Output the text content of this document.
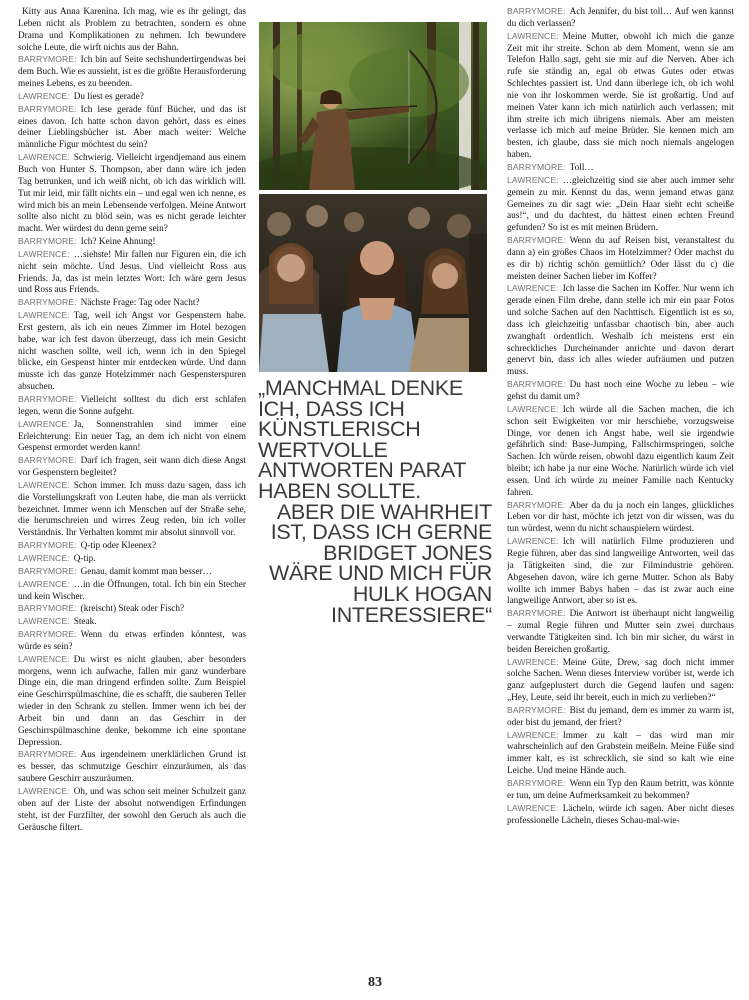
Kitty aus Anna Karenina. Ich mag, wie es ihr gelingt, das Leben nicht als Problem zu betrachten, sondern es ohne Drama und Komplikationen zu nehmen. Ich bewundere solche Leute, die wirft nichts aus der Bahn.

BARRYMORE: Ich bin auf Seite sechshundertirgendwas bei dem Buch. Wie es aussieht, ist es die größte Herausforderung meines Lebens, es zu beenden.

LAWRENCE: Du liest es gerade?

BARRYMORE: Ich lese gerade fünf Bücher, und das ist eines davon. Ich hatte schon davon gehört, dass es eines deiner Lieblingsbücher ist. Aber mach weiter: Welche männliche Figur möchtest du sein?

LAWRENCE: Schwierig. Vielleicht irgendjemand aus einem Buch von Hunter S. Thompson, aber dann wäre ich jeden Tag betrunken, und ich weiß nicht, ob ich das wirklich will. Tut mir leid, mir fällt nichts ein – und egal wen ich nenne, es wird mich bis an mein Lebensende verfolgen. Meine Antwort sollte also nicht zu blöd sein, was es nicht gerade leichter macht. Wer würdest du denn gerne sein?

BARRYMORE: Ich? Keine Ahnung!

LAWRENCE: …siehste! Mir fallen nur Figuren ein, die ich nicht sein möchte. Und Jesus. Und vielleicht Ross aus Friends. Ja, das ist mein letztes Wort: Ich wäre gern Jesus und Ross aus Friends.

BARRYMORE: Nächste Frage: Tag oder Nacht?

LAWRENCE: Tag, weil ich Angst vor Gespenstern habe. Erst gestern, als ich ein neues Zimmer im Hotel bezogen habe, war ich fest davon überzeugt, dass ich mein Gesicht nicht waschen sollte, weil ich, wenn ich in den Spiegel blicke, ein Gespenst hinter mir entdecken würde. Und dann musste ich das ganze Hotelzimmer nach Gespensterspuren absuchen.

BARRYMORE: Vielleicht solltest du dich erst schlafen legen, wenn die Sonne aufgeht.

LAWRENCE: Ja, Sonnenstrahlen sind immer eine Erleichterung: Ein neuer Tag, an dem ich nicht von einem Gespenst ermordet werden kann!

BARRYMORE: Darf ich fragen, seit wann dich diese Angst vor Gespenstern begleitet?

LAWRENCE: Schon immer. Ich muss dazu sagen, dass ich die Vorstellungskraft von Leuten habe, die man als verrückt bezeichnet. Immer wenn ich Menschen auf der Straße sehe, die herumschreien und wirres Zeug reden, bin ich voller Verständnis. Ihr Verhalten kommt mir absolut sinnvoll vor.

BARRYMORE: Q-tip oder Kleenex?

LAWRENCE: Q-tip.

BARRYMORE: Genau, damit kommt man besser…

LAWRENCE: …in die Öffnungen, total. Ich bin ein Stecher und kein Wischer.

BARRYMORE: (kreischt) Steak oder Fisch?

LAWRENCE: Steak.

BARRYMORE: Wenn du etwas erfinden könntest, was würde es sein?

LAWRENCE: Du wirst es nicht glauben, aber besonders morgens, wenn ich aufwache, fallen mir ganz wunderbare Dinge ein, die man dringend erfinden sollte. Zum Beispiel eine Geschirrspülmaschine, die es schafft, die sauberen Teller wieder in den Schrank zu stellen. Immer wenn ich bei der Arbeit bin und dann an das Geschirr in der Geschirrspülmaschine denke, bekomme ich eine spontane Depression.

BARRYMORE: Aus irgendeinem unerklärlichen Grund ist es besser, das schmutzige Geschirr einzuräumen, als das saubere Geschirr auszuräumen.

LAWRENCE: Oh, und was schon seit meiner Schulzeit ganz oben auf der Liste der absolut notwendigen Erfindungen steht, ist der Furzfilter, der sowohl den Geruch als auch die Geräusche filtert.

„MANCHMAL DENKE ICH, DASS ICH KÜNSTLERISCH WERTVOLLE ANTWORTEN PARAT HABEN SOLLTE.
ABER DIE WAHRHEIT IST, DASS ICH GERNE BRIDGET JONES WÄRE UND MICH FÜR HULK HOGAN INTERESSIERE“

BARRYMORE: Ach Jennifer, du bist toll… Auf wen kannst du dich verlassen?

LAWRENCE: Meine Mutter, obwohl ich mich die ganze Zeit mit ihr streite. Schon ab dem Moment, wenn sie am Telefon Hallo sagt, geht sie mir auf die Nerven. Aber ich rufe sie ständig an, egal ob etwas Gutes oder etwas Schlechtes passiert ist. Und dann überlege ich, ob ich wohl nie von ihr loskommen werde. Sie ist großartig. Und auf meinen Vater kann ich mich natürlich auch verlassen; mit ihm streite ich mich übrigens niemals. Aber am meisten verlasse ich mich auf meine Brüder. Sie kennen mich am besten, ich glaube, dass sie mich noch niemals angelogen haben.

BARRYMORE: Toll…

LAWRENCE: …gleichzeitig sind sie aber auch immer sehr gemein zu mir. Kennst du das, wenn jemand etwas ganz Gemeines zu dir sagt wie: „Dein Haar sieht echt scheiße aus!“, und du dachtest, du hättest einen echten Freund gefunden? So ist es mit meinen Brüdern.

BARRYMORE: Wenn du auf Reisen bist, veranstaltest du dann a) ein großes Chaos im Hotelzimmer? Oder machst du es dir b) richtig schön gemütlich? Oder lässt du c) die meisten deiner Sachen lieber im Koffer?

LAWRENCE: Ich lasse die Sachen im Koffer. Nur wenn ich gerade einen Film drehe, dann stelle ich mir ein paar Fotos und solche Sachen auf den Nachttisch. Eigentlich ist es so, dass ich gleichzeitig unfassbar chaotisch bin, aber auch zwanghaft ordentlich. Weshalb ich meistens erst ein schreckliches Durcheinander anrichte und davon derart genervt bin, dass ich alles wieder aufräumen und putzen muss.

BARRYMORE: Du hast noch eine Woche zu leben – wie gehst du damit um?

LAWRENCE: Ich würde all die Sachen machen, die ich schon seit Ewigkeiten vor mir herschiebe, vorzugsweise Dinge, vor denen ich Angst habe, weil sie irgendwie gefährlich sind: Base-Jumping, Fallschirmspringen, solche Sachen. Ich würde reisen, obwohl dazu eigentlich kaum Zeit bleibt; ich habe ja nur eine Woche. Natürlich würde ich viel essen. Und ich würde zu meiner Familie nach Kentucky fahren.

BARRYMORE: Aber da du ja noch ein langes, glückliches Leben vor dir hast, möchte ich jetzt von dir wissen, was du tun würdest, wenn du nicht schauspielern würdest.

LAWRENCE: Ich will natürlich Filme produzieren und Regie führen, aber das sind langweilige Antworten, weil das ja Tätigkeiten sind, die zur Filmindustrie gehören. Abgesehen davon, wäre ich gerne Mutter. Schon als Baby wollte ich immer Babys haben – das ist zwar auch eine langweilige Antwort, aber so ist es.

BARRYMORE: Die Antwort ist überhaupt nicht langweilig – zumal Regie führen und Mutter sein zwei durchaus verwandte Tätigkeiten sind. Ich bin mir sicher, du wärst in beiden Bereichen großartig.

LAWRENCE: Meine Güte, Drew, sag doch nicht immer solche Sachen. Wenn dieses Interview vorüber ist, werde ich ganz aufgeplustert durch die Gegend laufen und sagen: „Hey, Leute, seid ihr bereit, euch in mich zu verlieben?“

BARRYMORE: Bist du jemand, dem es immer zu warm ist, oder bist du jemand, der friert?

LAWRENCE: Immer zu kalt – das wird man mir wahrscheinlich auf den Grabstein meißeln. Meine Füße sind immer kalt, es ist schrecklich, sie sind so kalt wie eine Leiche. Und meine Hände auch.

BARRYMORE: Wenn ein Typ den Raum betritt, was könnte er tun, um deine Aufmerksamkeit zu bekommen?

LAWRENCE: Lächeln, würde ich sagen. Aber nicht dieses professionelle Lächeln, dieses Schau-mal-wie-

83
